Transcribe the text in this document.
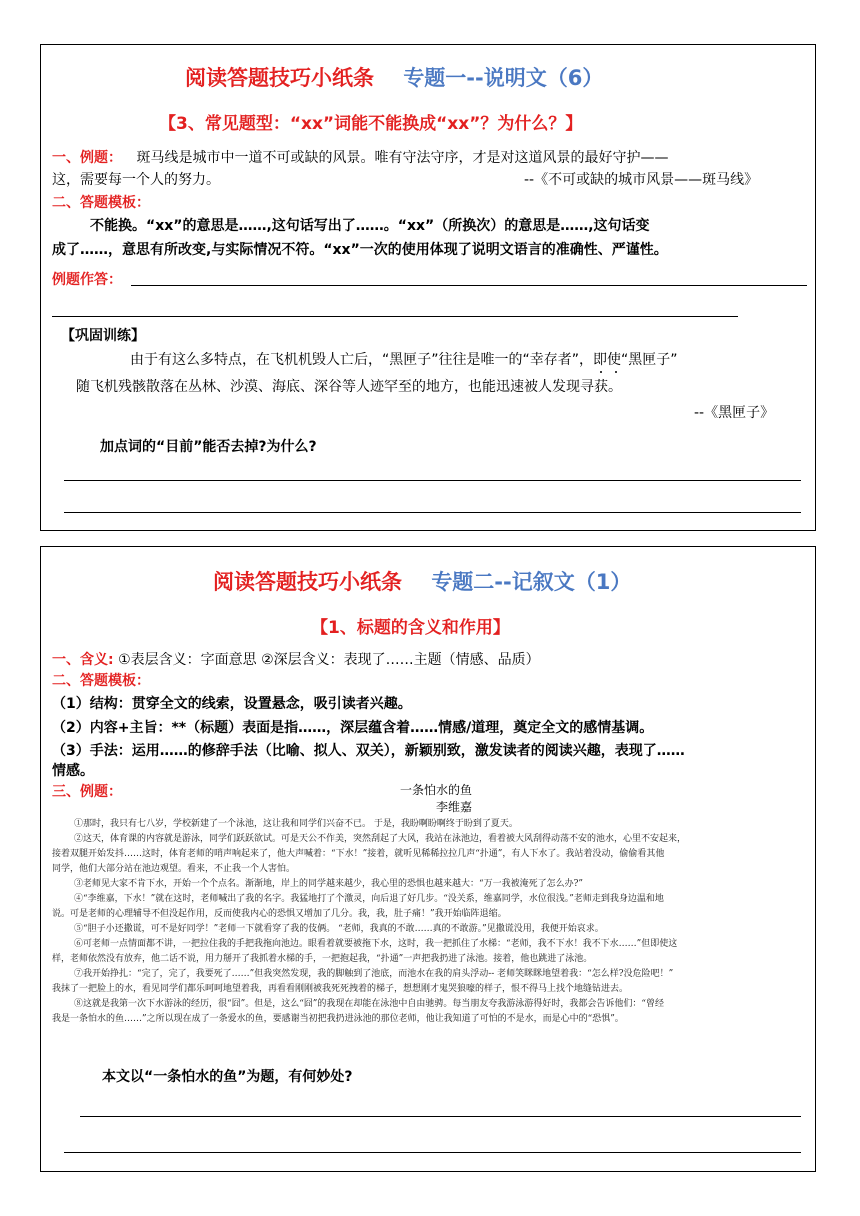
阅读答题技巧小纸条 专题一--说明文（6）
【3、常见题型：“xx”词能不能换成“xx”？为什么？】
一、例题： 斑马线是城市中一道不可或缺的风景。唯有守法守序，才是对这道风景的最好守护——
这，需要每一个人的努力。	--《不可或缺的城市风景——斑马线》
二、答题模板：
不能换。“xx”的意思是……,这句话写出了……。“xx”（所换次）的意思是……,这句话变
成了……，意思有所改变,与实际情况不符。“xx”一次的使用体现了说明文语言的准确性、严谨性。
例题作答：
【巩固训练】
由于有这么多特点，在飞机机毁人亡后，“黑匣子”往往是唯一的“幸存者”，即使“黑匣子”
随飞机残骸散落在丛林、沙漠、海底、深谷等人迹罕至的地方，也能迅速被人发现寻获。
--《黑匣子》
加点词的“目前”能否去掉?为什么?
阅读答题技巧小纸条 专题二--记叙文（1）
【1、标题的含义和作用】
一、含义: ①表层含义：字面意思 ②深层含义：表现了……主题（情感、品质）
二、答题模板：
（1）结构：贯穿全文的线索，设置悬念，吸引读者兴趣。
（2）内容+主旨：**（标题）表面是指……，深层蕴含着……情感/道理，奠定全文的感情基调。
（3）手法：运用……的修辞手法（比喻、拟人、双关），新颖别致，激发读者的阅读兴趣，表现了……
情感。
三、例题：	一条怕水的鱼
李维嘉
①那时，我只有七八岁，学校新建了一个泳池，这让我和同学们兴奋不已。 于是，我盼啊盼啊终于盼到了夏天。
②这天，体育课的内容就是游泳，同学们跃跃欲试。可是天公不作美，突然刮起了大风，我站在泳池边，看着被大风刮得动荡不安的池水，心里不安起来，
接着双腿开始发抖……这时，体育老师的哨声响起来了，他大声喊着：“下水！”接着，就听见稀稀拉拉几声“扑通”，有人下水了。我站着没动，偷偷看其他
同学，他们大部分站在池边观望。看来，不止我一个人害怕。
③老师见大家不肯下水，开始一个个点名。渐渐地，岸上的同学越来越少，我心里的恐惧也越来越大：“万一我被淹死了怎么办?”
④“李维嘉，下水！”就在这时，老师喊出了我的名字。我猛地打了个激灵，向后退了好几步。“没关系，维嘉同学，水位很浅。”老师走到我身边温和地
说。可是老师的心理辅导不但没起作用，反而使我内心的恐惧又增加了几分。我，我，肚子痛！”我开始临阵退缩。
⑤“胆子小还撒谎，可不是好同学！”老师一下就看穿了我的伎俩。 “老师，我真的不敢……真的不敢游。”见撒谎没用，我便开始哀求。
⑥可老师一点情面都不讲，一把拉住我的手把我拖向池边。眼看着就要被拖下水，这时，我一把抓住了水梯：“老师，我不下水！我不下水……”但即使这
样，老师依然没有放弃，他二话不说，用力掰开了我抓着水梯的手，一把抱起我，“扑通”一声把我扔进了泳池。接着，他也跳进了泳池。
⑦我开始挣扎：“完了，完了，我要死了……”但我突然发现，我的脚触到了池底，而池水在我的肩头浮动-- 老师笑眯眯地望着我：“怎么样?没危险吧！”
我抹了一把脸上的水，看见同学们都乐呵呵地望着我，再看看刚刚被我死死拽着的梯子，想想刚才鬼哭狼嚎的样子，恨不得马上找个地缝钻进去。
⑧这就是我第一次下水游泳的经历，很“囧”。但是，这么“囧”的我现在却能在泳池中自由驰骋。每当朋友夸我游泳游得好时，我都会告诉他们：“曾经
我是一条怕水的鱼……”之所以现在成了一条爱水的鱼，要感谢当初把我扔进泳池的那位老师，他让我知道了可怕的不是水，而是心中的“恐惧”。
本文以“一条怕水的鱼”为题，有何妙处?
